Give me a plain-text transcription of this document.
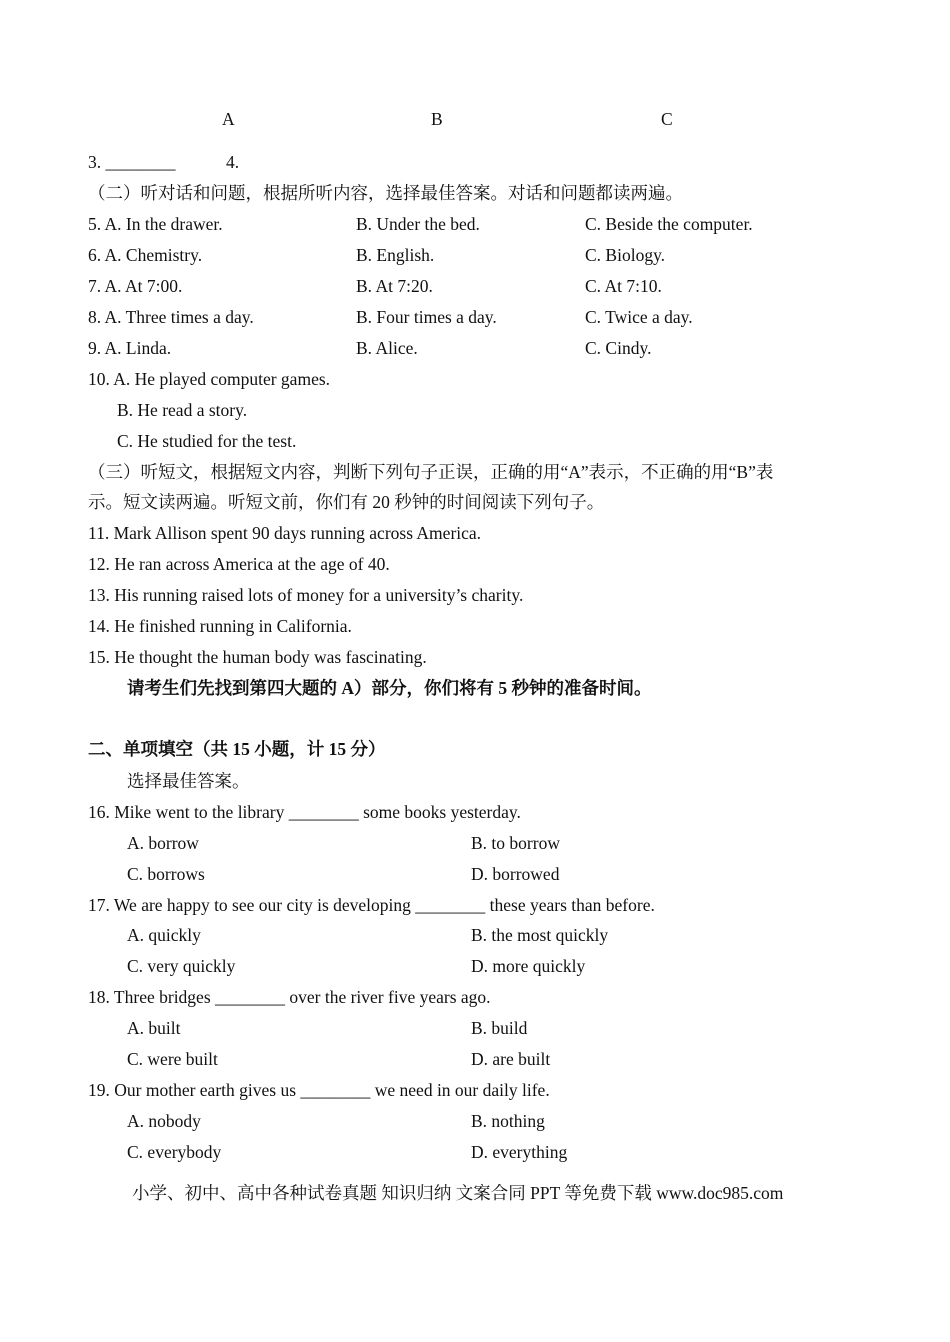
A	B	C
3. ________	4.
（二）听对话和问题，根据所听内容，选择最佳答案。对话和问题都读两遍。
5. A. In the drawer.	B. Under the bed.	C. Beside the computer.
6. A. Chemistry.	B. English.	C. Biology.
7. A. At 7:00.	B. At 7:20.	C. At 7:10.
8. A. Three times a day.	B. Four times a day.	C. Twice a day.
9. A. Linda.	B. Alice.	C. Cindy.
10. A. He played computer games.
B. He read a story.
C. He studied for the test.
（三）听短文，根据短文内容，判断下列句子正误，正确的用“A”表示，不正确的用“B”表
示。短文读两遍。听短文前，你们有 20 秒钟的时间阅读下列句子。
11. Mark Allison spent 90 days running across America.
12. He ran across America at the age of 40.
13. His running raised lots of money for a university’s charity.
14. He finished running in California.
15. He thought the human body was fascinating.
请考生们先找到第四大题的 A）部分，你们将有 5 秒钟的准备时间。
二、单项填空（共 15 小题，计 15 分）
选择最佳答案。
16. Mike went to the library ________ some books yesterday.
A. borrow	B. to borrow
C. borrows	D. borrowed
17. We are happy to see our city is developing ________ these years than before.
A. quickly	B. the most quickly
C. very quickly	D. more quickly
18. Three bridges ________ over the river five years ago.
A. built	B. build
C. were built	D. are built
19. Our mother earth gives us ________ we need in our daily life.
A. nobody	B. nothing
C. everybody	D. everything
小学、初中、高中各种试卷真题 知识归纳 文案合同 PPT 等免费下载 www.doc985.com
